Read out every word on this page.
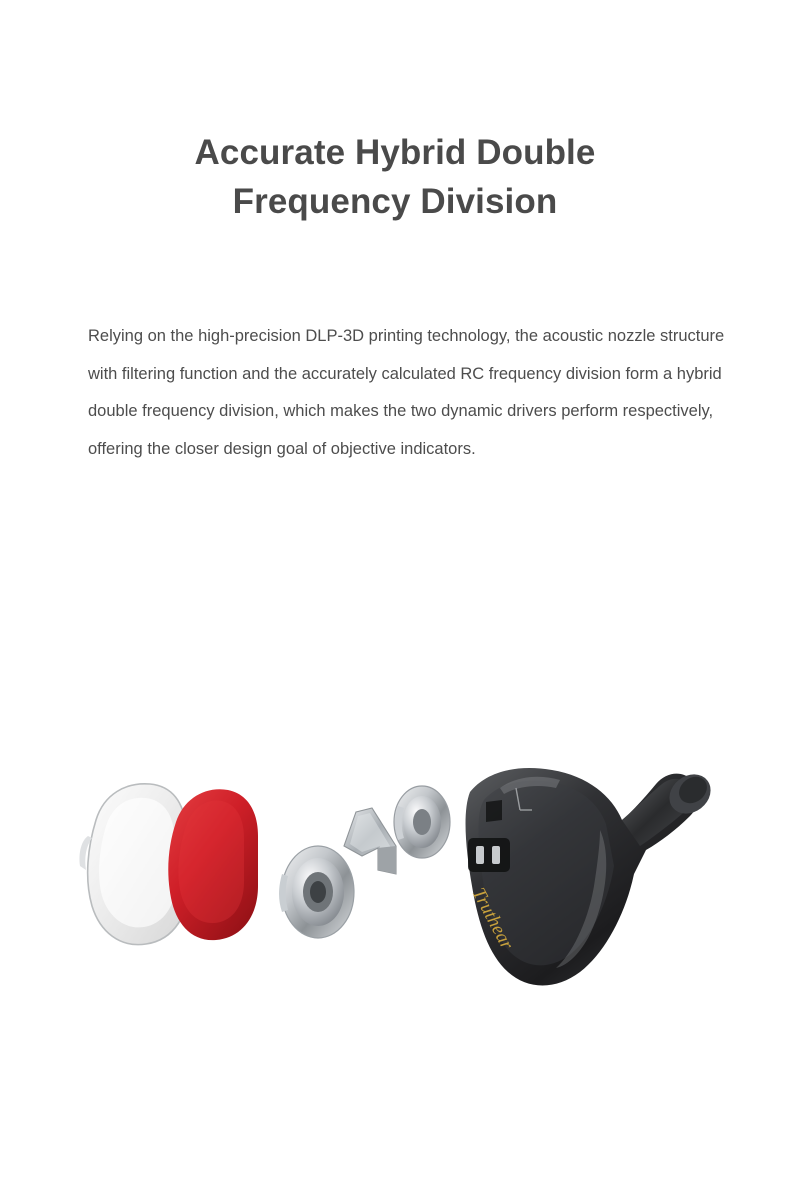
Accurate Hybrid Double
Frequency Division

Relying on the high-precision DLP-3D printing technology, the acoustic nozzle structure with filtering function and the accurately calculated RC frequency division form a hybrid double frequency division, which makes the two dynamic drivers perform respectively, offering the closer design goal of objective indicators.

Truthear
